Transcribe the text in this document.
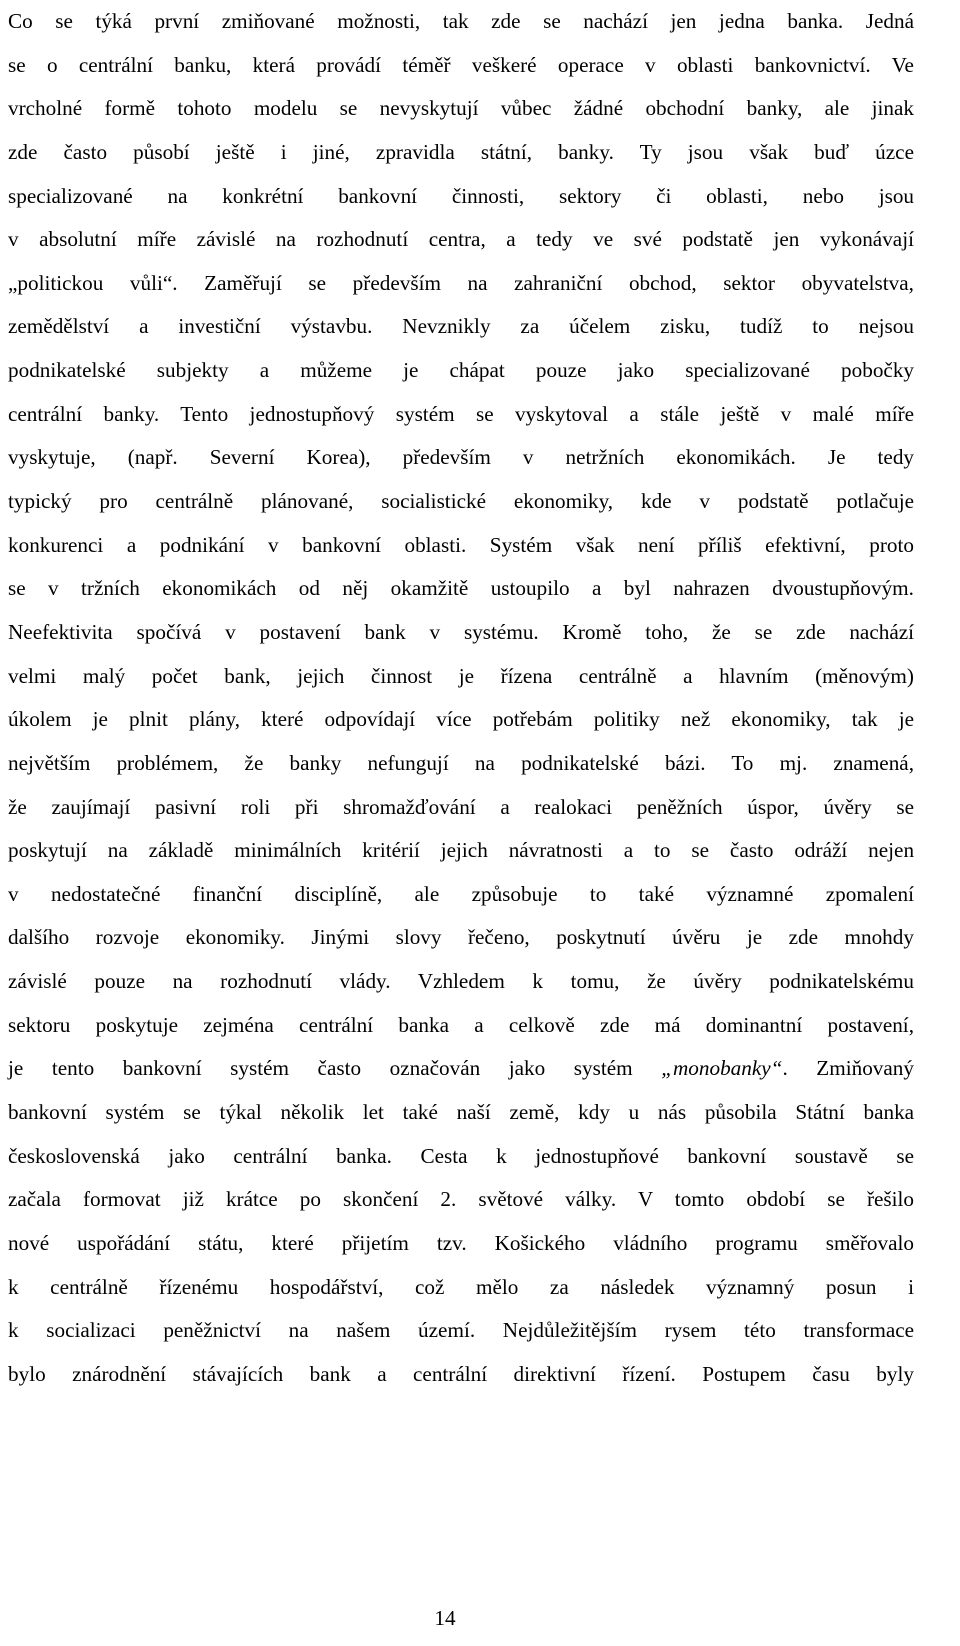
Co se týká první zmiňované možnosti, tak zde se nachází jen jedna banka. Jedná
se o centrální banku, která provádí téměř veškeré operace v oblasti bankovnictví. Ve
vrcholné formě tohoto modelu se nevyskytují vůbec žádné obchodní banky, ale jinak
zde často působí ještě i jiné, zpravidla státní, banky. Ty jsou však buď úzce
specializované na konkrétní bankovní činnosti, sektory či oblasti, nebo jsou
v absolutní míře závislé na rozhodnutí centra, a tedy ve své podstatě jen vykonávají
„politickou vůli“. Zaměřují se především na zahraniční obchod, sektor obyvatelstva,
zemědělství a investiční výstavbu. Nevznikly za účelem zisku, tudíž to nejsou
podnikatelské subjekty a můžeme je chápat pouze jako specializované pobočky
centrální banky. Tento jednostupňový systém se vyskytoval a stále ještě v malé míře
vyskytuje, (např. Severní Korea), především v netržních ekonomikách. Je tedy
typický pro centrálně plánované, socialistické ekonomiky, kde v podstatě potlačuje
konkurenci a podnikání v bankovní oblasti. Systém však není příliš efektivní, proto
se v tržních ekonomikách od něj okamžitě ustoupilo a byl nahrazen dvoustupňovým.
Neefektivita spočívá v postavení bank v systému. Kromě toho, že se zde nachází
velmi malý počet bank, jejich činnost je řízena centrálně a hlavním (měnovým)
úkolem je plnit plány, které odpovídají více potřebám politiky než ekonomiky, tak je
největším problémem, že banky nefungují na podnikatelské bázi. To mj. znamená,
že zaujímají pasivní roli při shromažďování a realokaci peněžních úspor, úvěry se
poskytují na základě minimálních kritérií jejich návratnosti a to se často odráží nejen
v nedostatečné finanční disciplíně, ale způsobuje to také významné zpomalení
dalšího rozvoje ekonomiky. Jinými slovy řečeno, poskytnutí úvěru je zde mnohdy
závislé pouze na rozhodnutí vlády. Vzhledem k tomu, že úvěry podnikatelskému
sektoru poskytuje zejména centrální banka a celkově zde má dominantní postavení,
je tento bankovní systém často označován jako systém „monobanky“. Zmiňovaný
bankovní systém se týkal několik let také naší země, kdy u nás působila Státní banka
československá jako centrální banka. Cesta k jednostupňové bankovní soustavě se
začala formovat již krátce po skončení 2. světové války. V tomto období se řešilo
nové uspořádání státu, které přijetím tzv. Košického vládního programu směřovalo
k centrálně řízenému hospodářství, což mělo za následek významný posun i
k socializaci peněžnictví na našem území. Nejdůležitějším rysem této transformace
bylo znárodnění stávajících bank a centrální direktivní řízení. Postupem času byly
14
